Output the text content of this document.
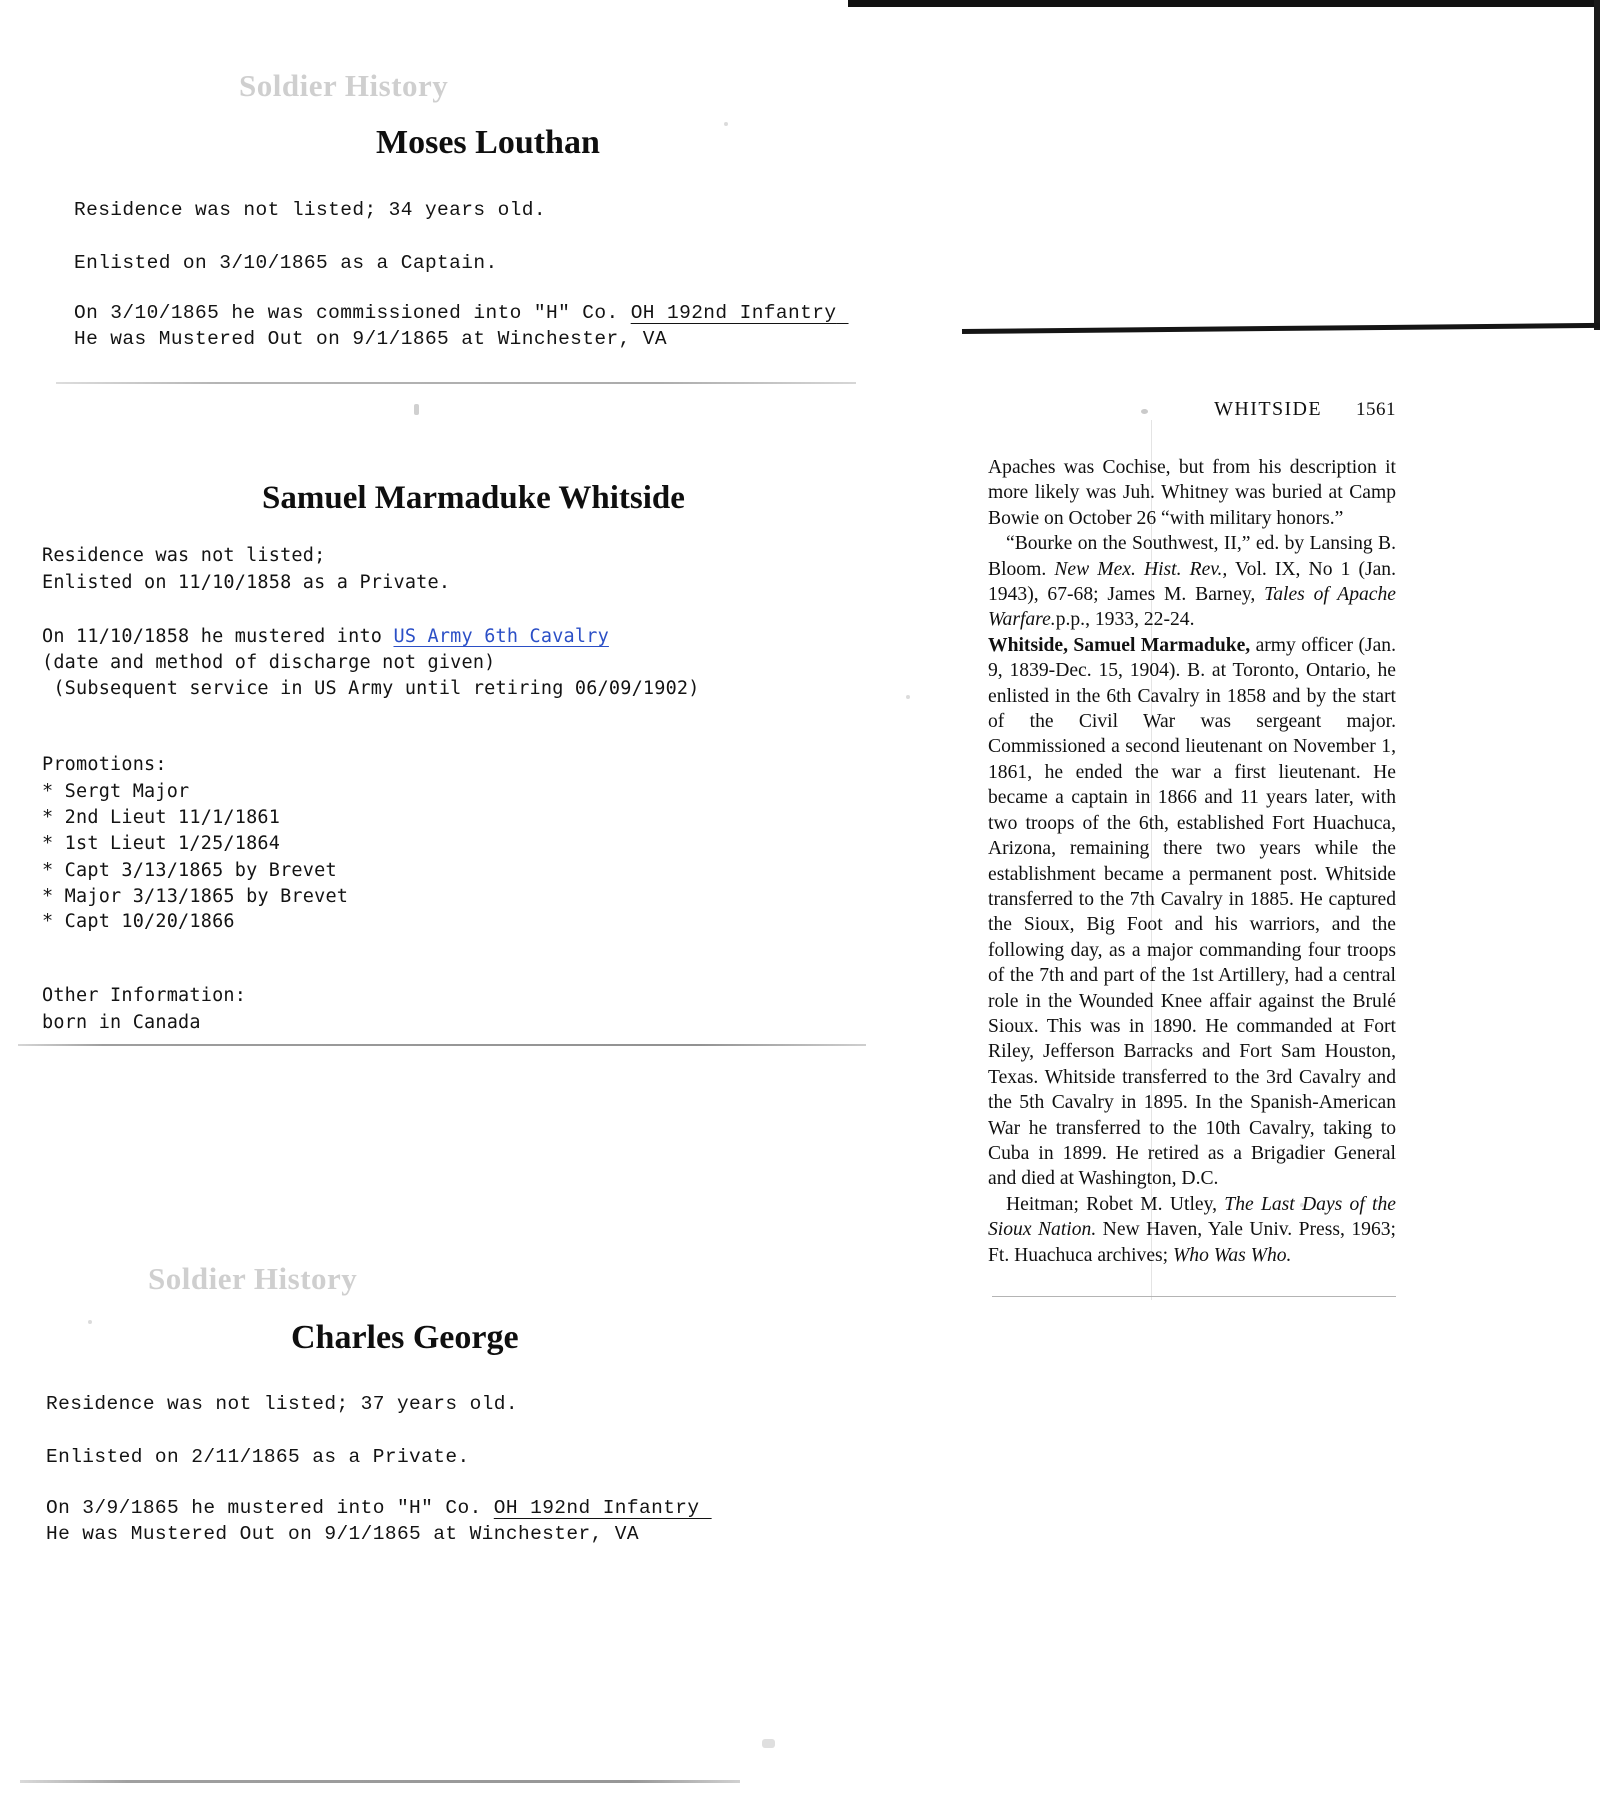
Soldier History
Moses Louthan
Residence was not listed; 34 years old.
Enlisted on 3/10/1865 as a Captain.
On 3/10/1865 he was commissioned into "H" Co. OH 192nd Infantry
He was Mustered Out on 9/1/1865 at Winchester, VA
Samuel Marmaduke Whitside
Residence was not listed;
Enlisted on 11/10/1858 as a Private.
On 11/10/1858 he mustered into US Army 6th Cavalry
(date and method of discharge not given)
(Subsequent service in US Army until retiring 06/09/1902)
Promotions:
* Sergt Major
* 2nd Lieut 11/1/1861
* 1st Lieut 1/25/1864
* Capt 3/13/1865 by Brevet
* Major 3/13/1865 by Brevet
* Capt 10/20/1866
Other Information:
born in Canada
Soldier History
Charles George
Residence was not listed; 37 years old.
Enlisted on 2/11/1865 as a Private.
On 3/9/1865 he mustered into "H" Co. OH 192nd Infantry
He was Mustered Out on 9/1/1865 at Winchester, VA
WHITSIDE 1561

Apaches was Cochise, but from his description it more likely was Juh. Whitney was buried at Camp Bowie on October 26 “with military honors.”

“Bourke on the Southwest, II,” ed. by Lansing B. Bloom. New Mex. Hist. Rev., Vol. IX, No 1 (Jan. 1943), 67-68; James M. Barney, Tales of Apache Warfare.p.p., 1933, 22-24.

Whitside, Samuel Marmaduke, army officer (Jan. 9, 1839-Dec. 15, 1904). B. at Toronto, Ontario, he enlisted in the 6th Cavalry in 1858 and by the start of the Civil War was sergeant major. Commissioned a second lieutenant on November 1, 1861, he ended the war a first lieutenant. He became a captain in 1866 and 11 years later, with two troops of the 6th, established Fort Huachuca, Arizona, remaining there two years while the establishment became a permanent post. Whitside transferred to the 7th Cavalry in 1885. He captured the Sioux, Big Foot and his warriors, and the following day, as a major commanding four troops of the 7th and part of the 1st Artillery, had a central role in the Wounded Knee affair against the Brulé Sioux. This was in 1890. He commanded at Fort Riley, Jefferson Barracks and Fort Sam Houston, Texas. Whitside transferred to the 3rd Cavalry and the 5th Cavalry in 1895. In the Spanish-American War he transferred to the 10th Cavalry, taking to Cuba in 1899. He retired as a Brigadier General and died at Washington, D.C.

Heitman; Robet M. Utley, The Last Days of the Sioux Nation. New Haven, Yale Univ. Press, 1963; Ft. Huachuca archives; Who Was Who.
